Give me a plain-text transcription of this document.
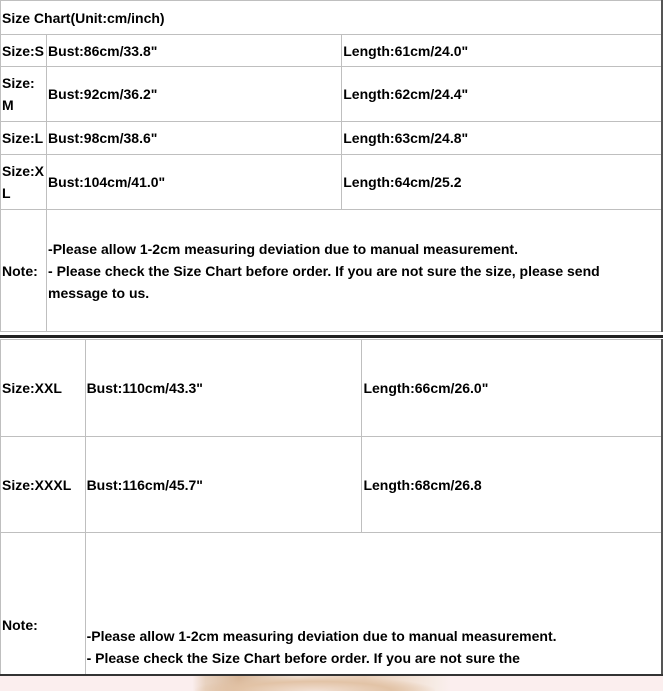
Size Chart(Unit:cm/inch)		
Size:S	Bust:86cm/33.8"	Length:61cm/24.0"
Size:M	Bust:92cm/36.2"	Length:62cm/24.4"
Size:L	Bust:98cm/38.6"	Length:63cm/24.8"
Size:XL	Bust:104cm/41.0"	Length:64cm/25.2
Note:	-Please allow 1-2cm measuring deviation due to manual measurement.
- Please check the Size Chart before order. If you are not sure the size, please send message to us.	
Size:XXL	Bust:110cm/43.3"	Length:66cm/26.0"
Size:XXXL	Bust:116cm/45.7"	Length:68cm/26.8
Note:	-Please allow 1-2cm measuring deviation due to manual measurement.
- Please check the Size Chart before order. If you are not sure the	
